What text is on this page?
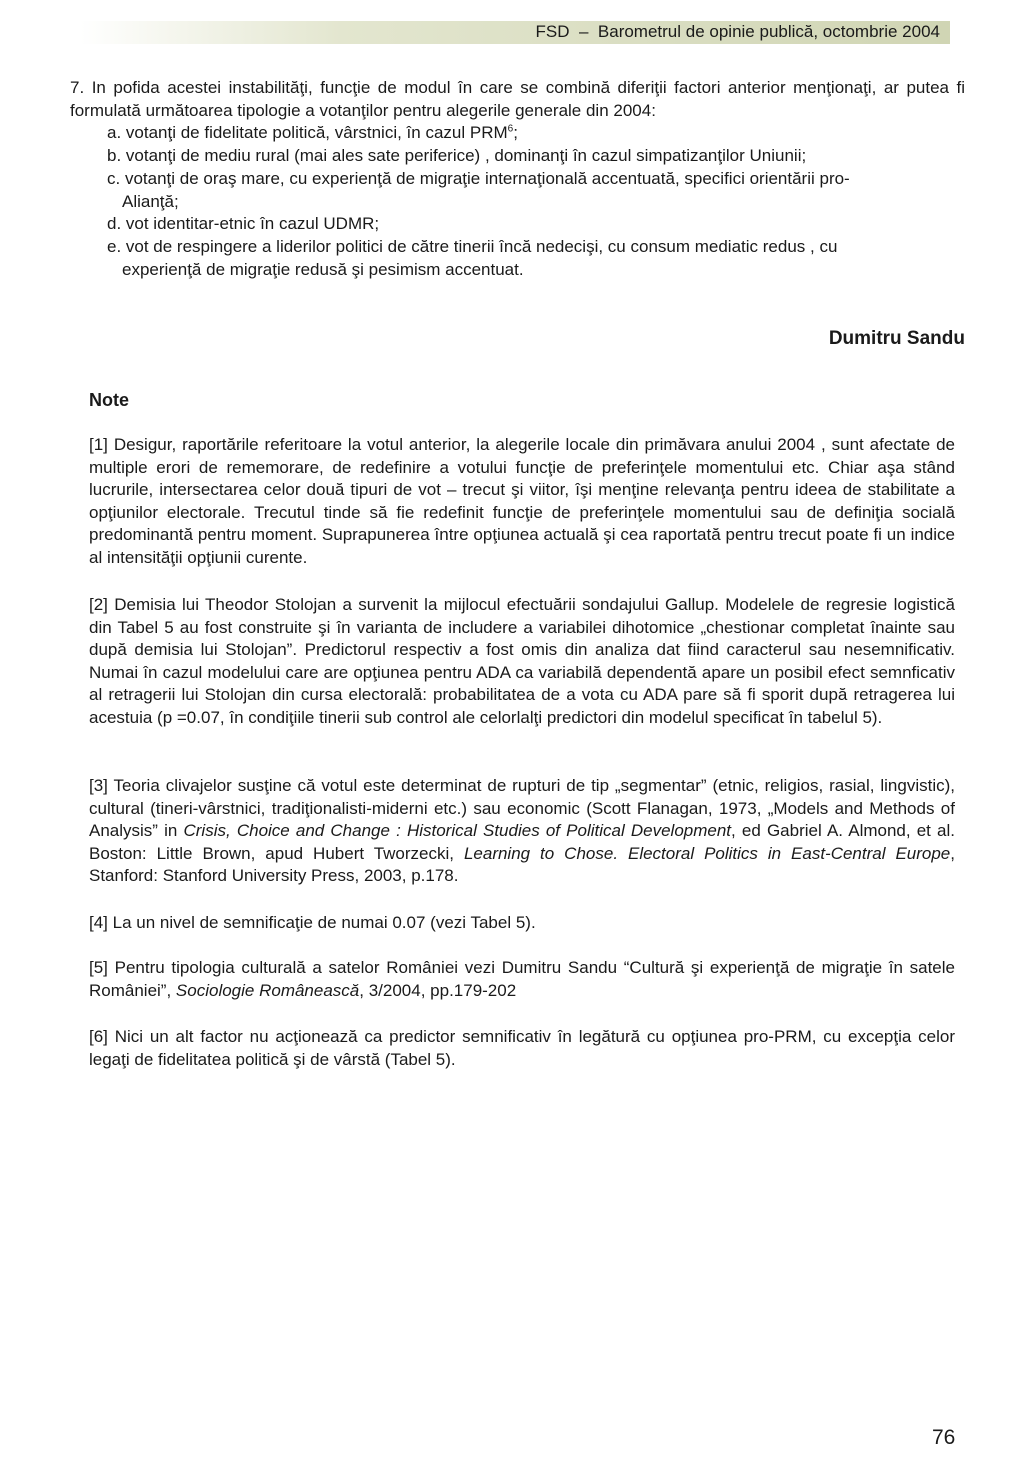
FSD  –  Barometrul de opinie publică, octombrie 2004

7. In pofida acestei instabilităţi, funcţie de modul în care se combină diferiţii factori anterior menţionaţi, ar putea fi formulată următoarea tipologie a votanţilor pentru alegerile generale din 2004:

a. votanţi de fidelitate politică, vârstnici, în cazul PRM$^6$;

b. votanţi de mediu rural (mai ales sate periferice) , dominanţi în cazul simpatizanţilor Uniunii;

c. votanţi de oraş mare, cu experienţă de migraţie internaţională accentuată, specifici orientării pro-
Alianţă;

d. vot identitar-etnic în cazul UDMR;

e. vot de respingere a liderilor politici de către tinerii încă nedecişi, cu consum mediatic redus , cu
experienţă de migraţie redusă şi pesimism accentuat.

Dumitru Sandu
Note

[1] Desigur, raportările referitoare la votul anterior, la alegerile locale din primăvara anului 2004 , sunt afectate de multiple erori de rememorare, de redefinire a votului funcţie de preferinţele momentului etc. Chiar aşa stând lucrurile, intersectarea celor două tipuri de vot – trecut şi viitor, îşi menţine relevanţa pentru ideea de stabilitate a opţiunilor electorale. Trecutul tinde să fie redefinit funcţie de preferinţele momentului sau de definiţia socială predominantă pentru moment. Suprapunerea între opţiunea actuală şi cea raportată pentru trecut poate fi un indice al intensităţii opţiunii curente.

[2] Demisia lui Theodor Stolojan a survenit la mijlocul efectuării sondajului Gallup. Modelele de regresie logistică din Tabel 5 au fost construite şi în varianta de includere a variabilei dihotomice „chestionar completat înainte sau după demisia lui Stolojan”. Predictorul respectiv a fost omis din analiza dat fiind caracterul sau nesemnificativ. Numai în cazul modelului care are opţiunea pentru ADA ca variabilă dependentă apare un posibil efect semnficativ al retragerii lui Stolojan din cursa electorală: probabilitatea de a vota cu ADA pare să fi sporit după retragerea lui acestuia (p =0.07, în condiţiile tinerii sub control ale celorlalţi predictori din modelul specificat în tabelul 5).

[3] Teoria clivajelor susţine că votul este determinat de rupturi de tip „segmentar” (etnic, religios, rasial, lingvistic), cultural (tineri-vârstnici, tradiţionalisti-miderni etc.) sau economic (Scott Flanagan, 1973, „Models and Methods of Analysis” in Crisis, Choice and Change : Historical Studies of Political Development, ed Gabriel A. Almond, et al. Boston: Little Brown, apud Hubert Tworzecki, Learning to Chose. Electoral Politics in East-Central Europe, Stanford: Stanford University Press, 2003, p.178.

[4] La un nivel de semnificaţie de numai 0.07 (vezi Tabel 5).

[5] Pentru tipologia culturală a satelor României vezi Dumitru Sandu “Cultură şi experienţă de migraţie în satele României”, Sociologie Românească, 3/2004, pp.179-202

[6] Nici un alt factor nu acţionează ca predictor semnificativ în legătură cu opţiunea pro-PRM, cu excepţia celor legaţi de fidelitatea politică şi de vârstă (Tabel 5).

76
